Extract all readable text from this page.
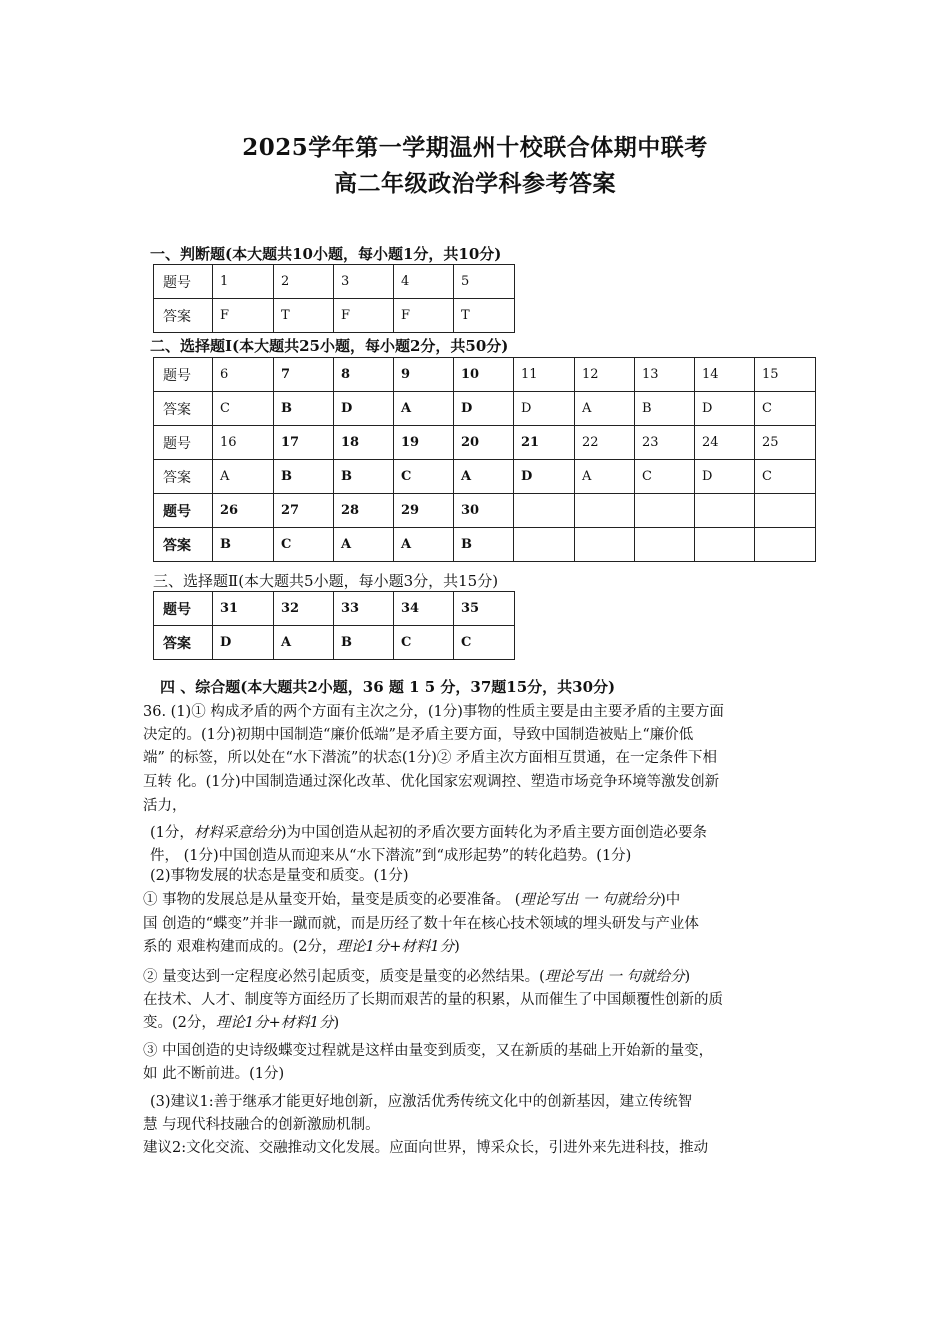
2025学年第一学期温州十校联合体期中联考
高二年级政治学科参考答案
一、判断题(本大题共10小题，每小题1分，共10分)
题号	1	2	3	4	5
答案	F	T	F	F	T
二、选择题Ⅰ(本大题共25小题，每小题2分，共50分)
题号	6	7	8	9	10	11	12	13	14	15
答案	C	B	D	A	D	D	A	B	D	C
题号	16	17	18	19	20	21	22	23	24	25
答案	A	B	B	C	A	D	A	C	D	C
题号	26	27	28	29	30					
答案	B	C	A	A	B					
三、选择题Ⅱ(本大题共5小题，每小题3分，共15分)
题号	31	32	33	34	35
答案	D	A	B	C	C
四 、综合题(本大题共2小题，36 题 1 5 分，37题15分，共30分)
36. (1)① 构成矛盾的两个方面有主次之分，(1分)事物的性质主要是由主要矛盾的主要方面
决定的。(1分)初期中国制造“廉价低端”是矛盾主要方面，导致中国制造被贴上“廉价低
端” 的标签，所以处在“水下潜流”的状态(1分)② 矛盾主次方面相互贯通，在一定条件下相
互转 化。(1分)中国制造通过深化改革、优化国家宏观调控、塑造市场竞争环境等激发创新
活力，
(1分，材料采意给分)为中国创造从起初的矛盾次要方面转化为矛盾主要方面创造必要条
件， (1分)中国创造从而迎来从“水下潜流”到“成形起势”的转化趋势。(1分)
(2)事物发展的状态是量变和质变。(1分)
① 事物的发展总是从量变开始，量变是质变的必要准备。 (理论写出 一 句就给分)中
国 创造的“蝶变”并非一蹴而就，而是历经了数十年在核心技术领域的埋头研发与产业体
系的 艰难构建而成的。(2分，理论1分+材料1分)
② 量变达到一定程度必然引起质变，质变是量变的必然结果。(理论写出 一 句就给分)
在技术、人才、制度等方面经历了长期而艰苦的量的积累，从而催生了中国颠覆性创新的质
变。(2分，理论1分+材料1分)
③ 中国创造的史诗级蝶变过程就是这样由量变到质变，又在新质的基础上开始新的量变，
如 此不断前进。(1分)
(3)建议1:善于继承才能更好地创新，应激活优秀传统文化中的创新基因，建立传统智
慧 与现代科技融合的创新激励机制。
建议2:文化交流、交融推动文化发展。应面向世界，博采众长，引进外来先进科技，推动
